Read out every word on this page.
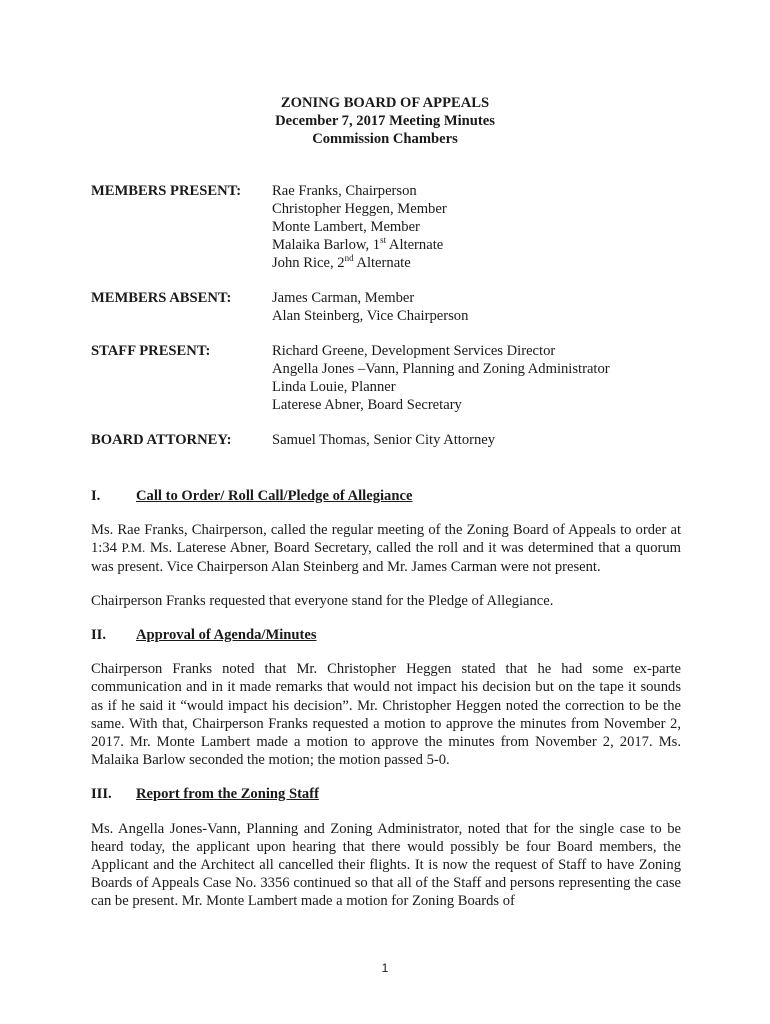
ZONING BOARD OF APPEALS
December 7, 2017 Meeting Minutes
Commission Chambers
MEMBERS PRESENT:	Rae Franks, Chairperson
Christopher Heggen, Member
Monte Lambert, Member
Malaika Barlow, 1st Alternate
John Rice, 2nd Alternate
MEMBERS ABSENT:	James Carman, Member
Alan Steinberg, Vice Chairperson
STAFF PRESENT:	Richard Greene, Development Services Director
Angella Jones –Vann, Planning and Zoning Administrator
Linda Louie, Planner
Laterese Abner, Board Secretary
BOARD ATTORNEY:	Samuel Thomas, Senior City Attorney
I.	Call to Order/ Roll Call/Pledge of Allegiance

Ms. Rae Franks, Chairperson, called the regular meeting of the Zoning Board of Appeals to order at 1:34 P.M. Ms. Laterese Abner, Board Secretary, called the roll and it was determined that a quorum was present. Vice Chairperson Alan Steinberg and Mr. James Carman were not present.

Chairperson Franks requested that everyone stand for the Pledge of Allegiance.

II.	Approval of Agenda/Minutes

Chairperson Franks noted that Mr. Christopher Heggen stated that he had some ex-parte communication and in it made remarks that would not impact his decision but on the tape it sounds as if he said it “would impact his decision”. Mr. Christopher Heggen noted the correction to be the same. With that, Chairperson Franks requested a motion to approve the minutes from November 2, 2017. Mr. Monte Lambert made a motion to approve the minutes from November 2, 2017. Ms. Malaika Barlow seconded the motion; the motion passed 5-0.

III.	Report from the Zoning Staff

Ms. Angella Jones-Vann, Planning and Zoning Administrator, noted that for the single case to be heard today, the applicant upon hearing that there would possibly be four Board members, the Applicant and the Architect all cancelled their flights. It is now the request of Staff to have Zoning Boards of Appeals Case No. 3356 continued so that all of the Staff and persons representing the case can be present. Mr. Monte Lambert made a motion for Zoning Boards of

1
